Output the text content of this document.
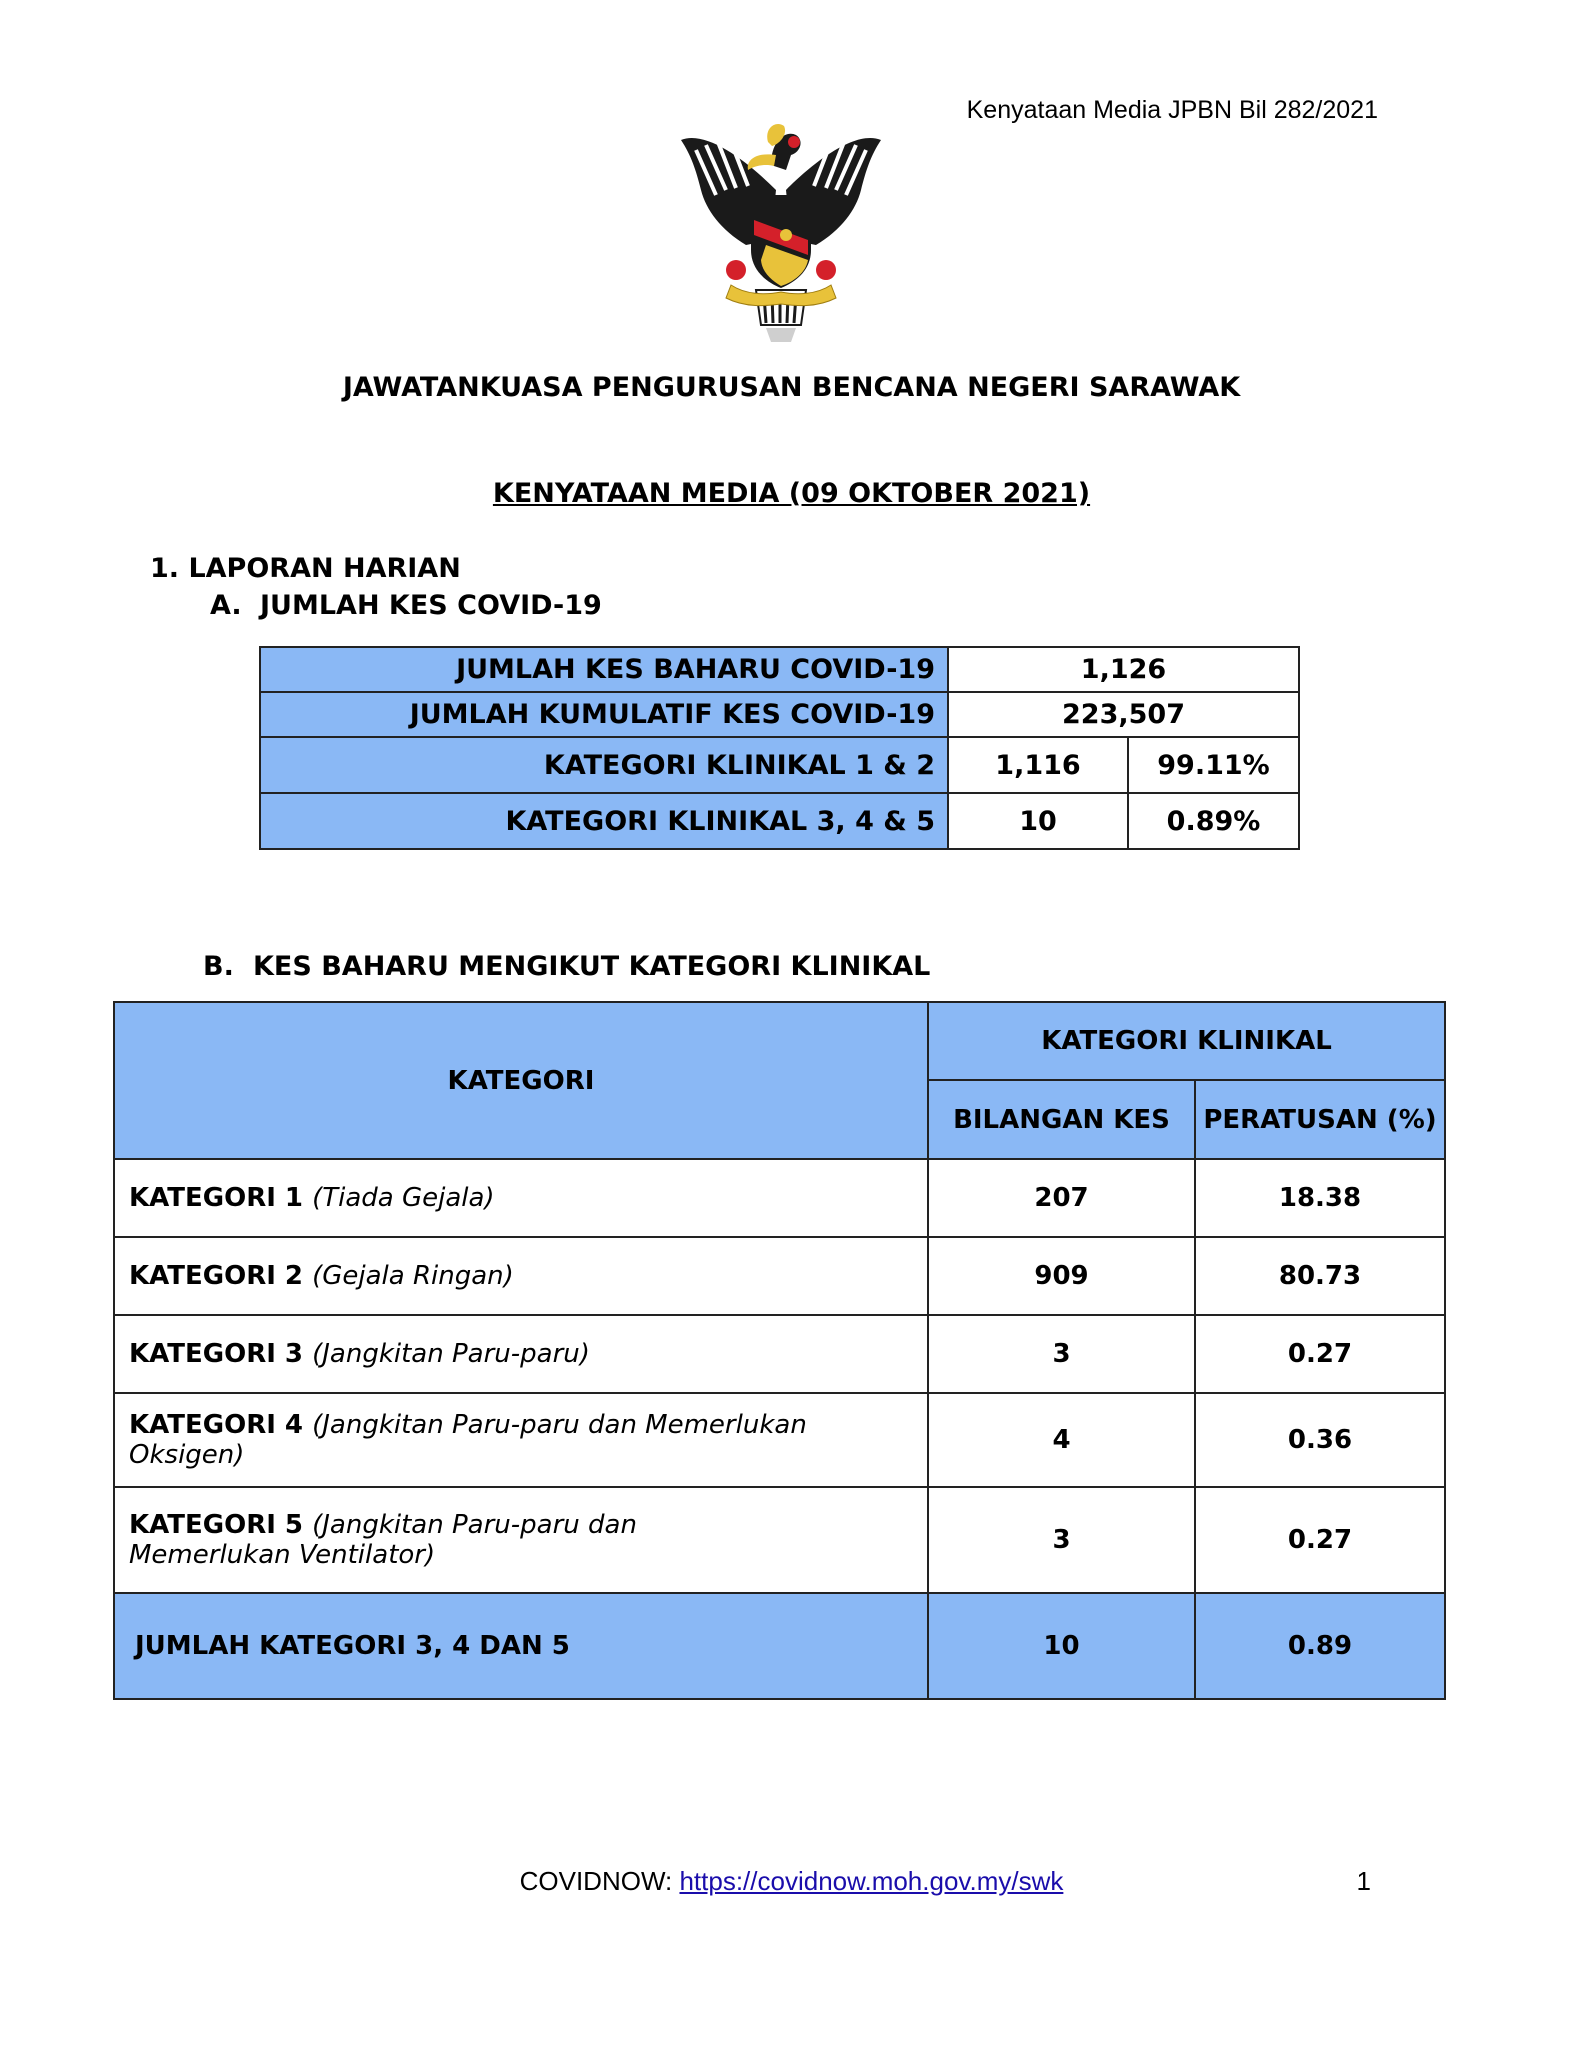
Kenyataan Media JPBN Bil 282/2021
JAWATANKUASA PENGURUSAN BENCANA NEGERI SARAWAK
KENYATAAN MEDIA (09 OKTOBER 2021)
1. LAPORAN HARIAN
A. JUMLAH KES COVID-19
JUMLAH KES BAHARU COVID-19	1,126	
JUMLAH KUMULATIF KES COVID-19	223,507	
KATEGORI KLINIKAL 1 & 2	1,116	99.11%
KATEGORI KLINIKAL 3, 4 & 5	10	0.89%
B. KES BAHARU MENGIKUT KATEGORI KLINIKAL
KATEGORI	KATEGORI KLINIKAL	
	BILANGAN KES	PERATUSAN (%)
KATEGORI 1 (Tiada Gejala)	207	18.38
KATEGORI 2 (Gejala Ringan)	909	80.73
KATEGORI 3 (Jangkitan Paru-paru)	3	0.27
KATEGORI 4 (Jangkitan Paru-paru dan Memerlukan Oksigen)	4	0.36
KATEGORI 5 (Jangkitan Paru-paru dan Memerlukan Ventilator)	3	0.27
JUMLAH KATEGORI 3, 4 DAN 5	10	0.89
COVIDNOW: https://covidnow.moh.gov.my/swk	1
